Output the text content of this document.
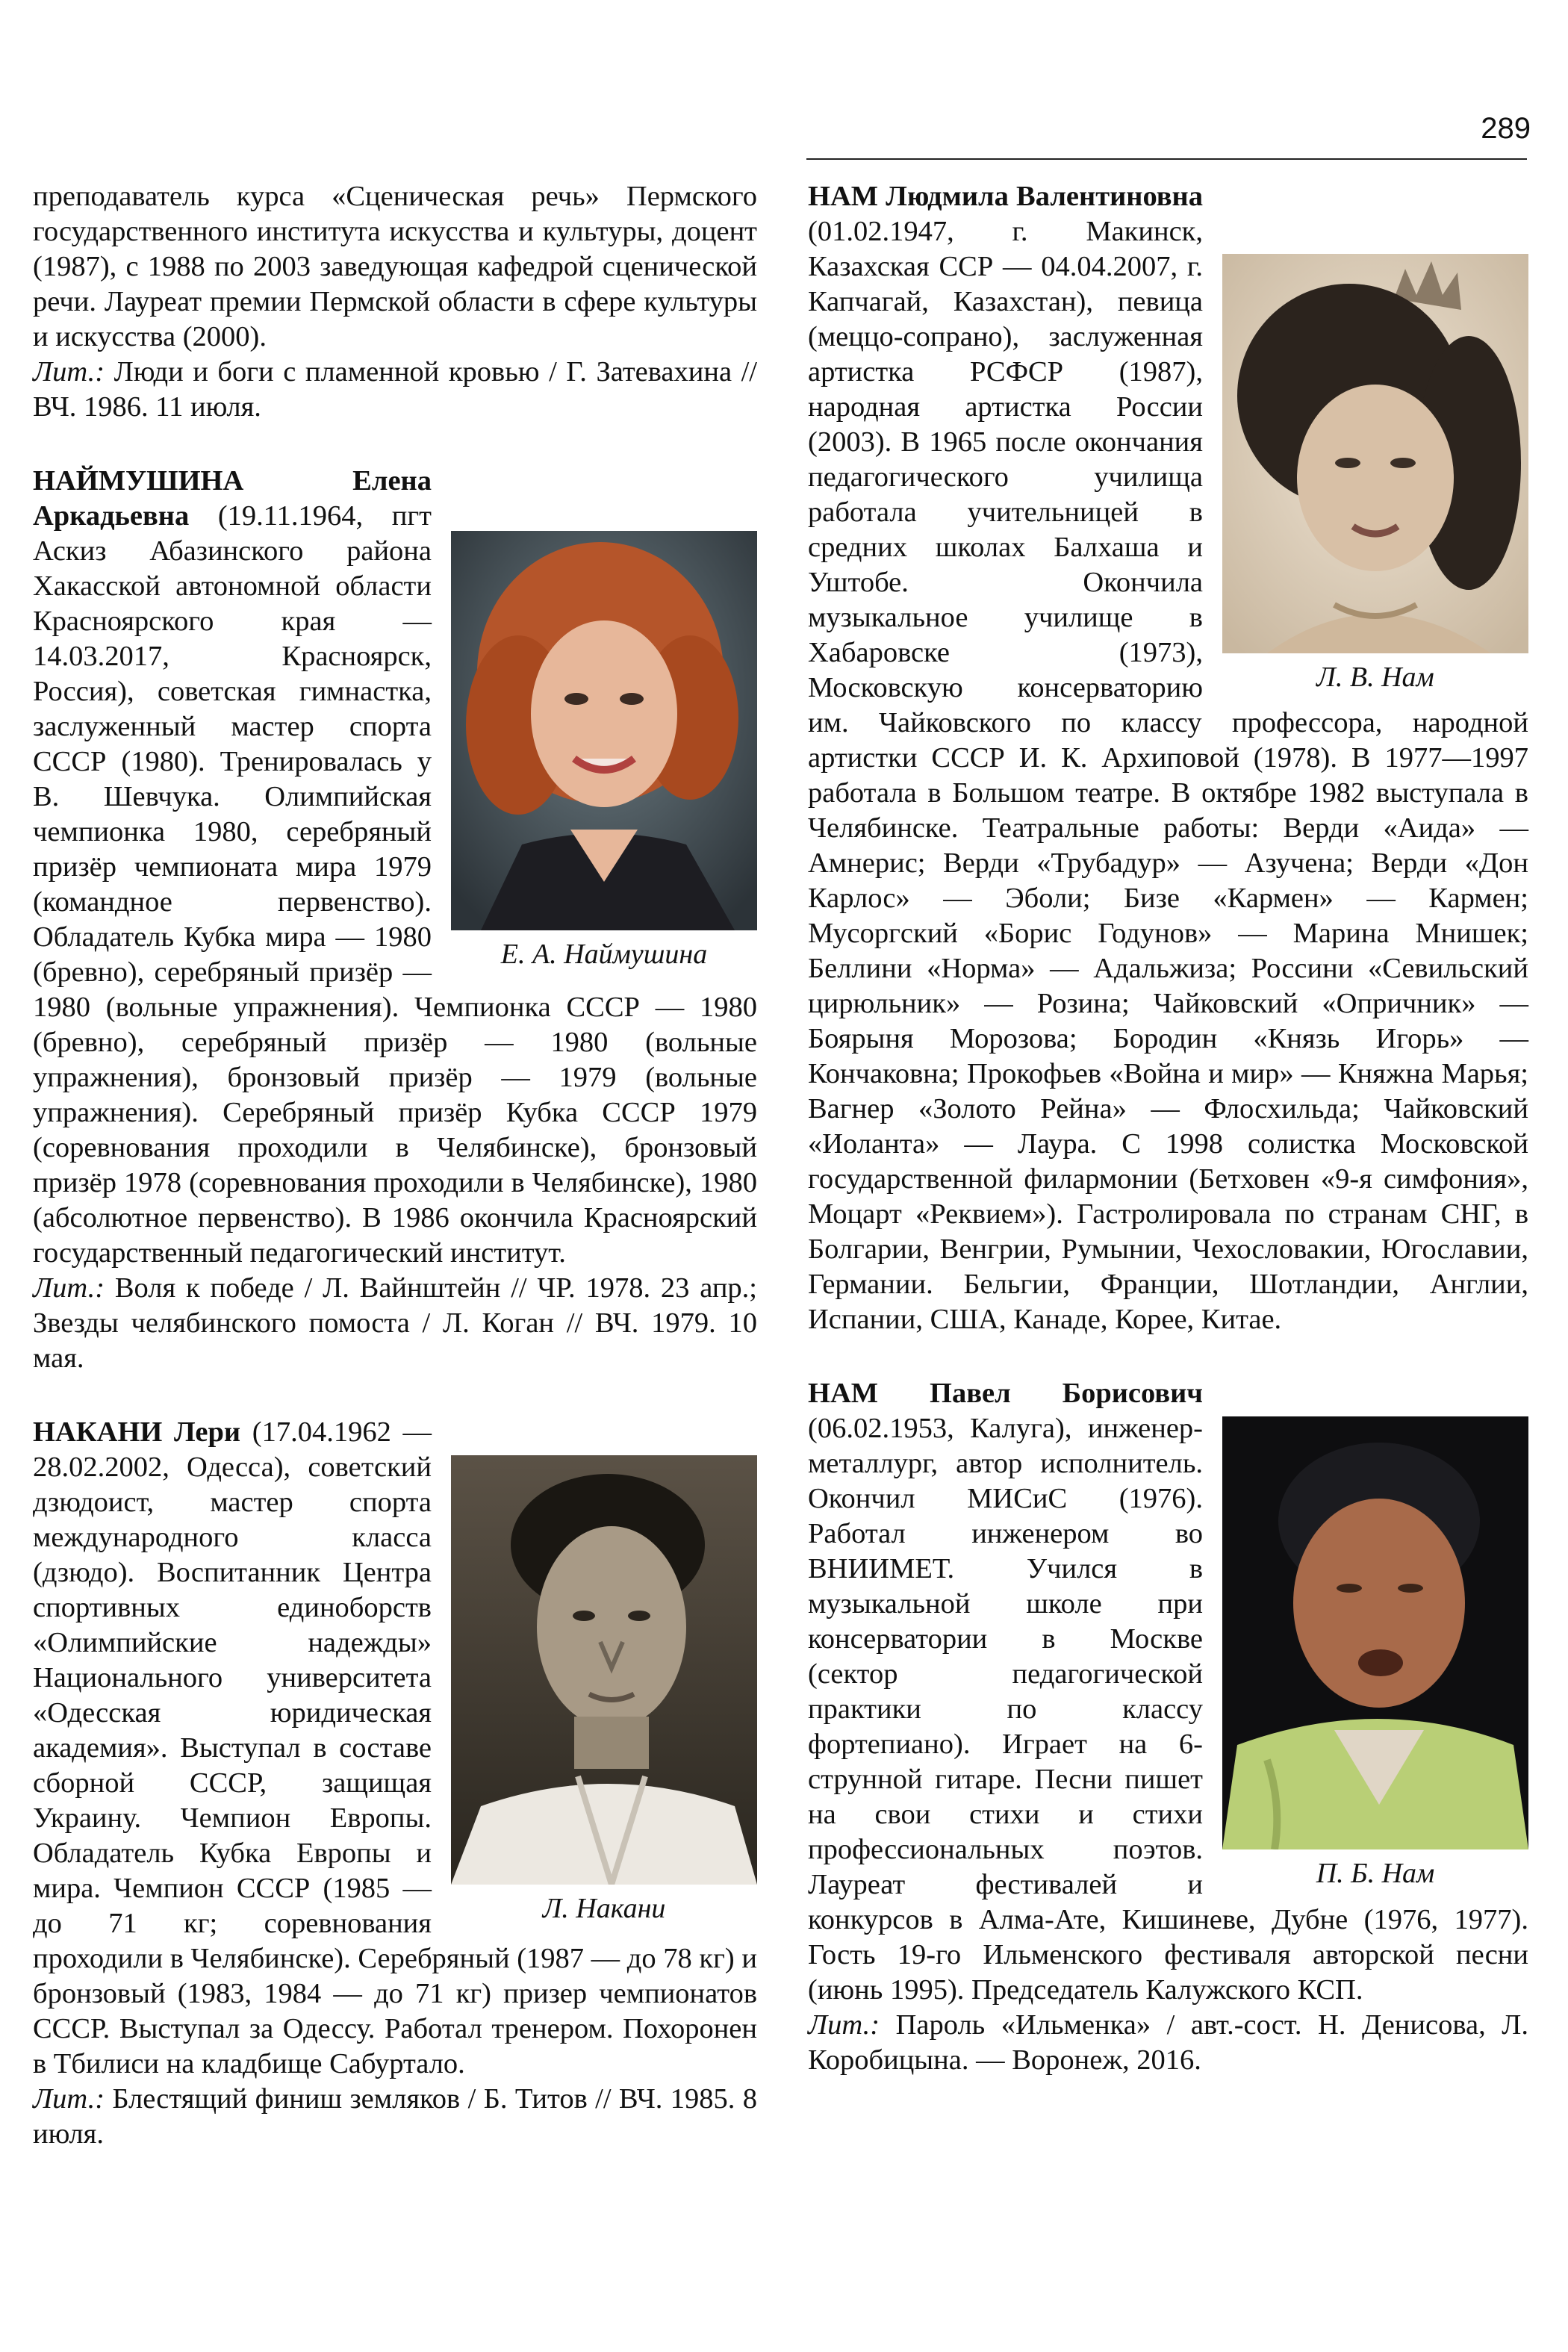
289

преподаватель курса «Сценическая речь» Пермского государственного института искусства и культуры, доцент (1987), с 1988 по 2003 заведующая кафедрой сценической речи. Лауреат премии Пермской области в сфере культуры и искусства (2000).
Лит.: Люди и боги с пламенной кровью / Г. Затевахина // ВЧ. 1986. 11 июля.

Е. А. Наймушина

НАЙМУШИНА Елена Аркадьевна (19.11.1964, пгт Аскиз Абазинского района Хакасской автономной области Красноярского края — 14.03.2017, Красноярск, Россия), советская гимнастка, заслуженный мастер спорта СССР (1980). Тренировалась у В. Шевчука. Олимпийская чемпионка 1980, серебряный призёр чемпионата мира 1979 (командное первенство). Обладатель Кубка мира — 1980 (бревно), серебряный призёр — 1980 (вольные упражнения). Чемпионка СССР — 1980 (бревно), серебряный призёр — 1980 (вольные упражнения), бронзовый призёр — 1979 (вольные упражнения). Серебряный призёр Кубка СССР 1979 (соревнования проходили в Челябинске), бронзовый призёр 1978 (соревнования проходили в Челябинске), 1980 (абсолютное первенство). В 1986 окончила Красноярский государственный педагогический институт.
Лит.: Воля к победе / Л. Вайнштейн // ЧР. 1978. 23 апр.; Звезды челябинского помоста / Л. Коган // ВЧ. 1979. 10 мая.

Л. Накани

НАКАНИ Лери (17.04.1962 — 28.02.2002, Одесса), советский дзюдоист, мастер спорта международного класса (дзюдо). Воспитанник Центра спортивных единоборств «Олимпийские надежды» Национального университета «Одесская юридическая академия». Выступал в составе сборной СССР, защищая Украину. Чемпион Европы. Обладатель Кубка Европы и мира. Чемпион СССР (1985 — до 71 кг; соревнования проходили в Челябинске). Серебряный (1987 — до 78 кг) и бронзовый (1983, 1984 — до 71 кг) призер чемпионатов СССР. Выступал за Одессу. Работал тренером. Похоронен в Тбилиси на кладбище Сабуртало.
Лит.: Блестящий финиш земляков / Б. Титов // ВЧ. 1985. 8 июля.

Л. В. Нам

НАМ Людмила Валентиновна (01.02.1947, г. Макинск, Казахская ССР — 04.04.2007, г. Капчагай, Казахстан), певица (меццо-сопрано), заслуженная артистка РСФСР (1987), народная артистка России (2003). В 1965 после окончания педагогического училища работала учительницей в средних школах Балхаша и Уштобе. Окончила музыкальное училище в Хабаровске (1973), Московскую консерваторию им. Чайковского по классу профессора, народной артистки СССР И. К. Архиповой (1978). В 1977—1997 работала в Большом театре. В октябре 1982 выступала в Челябинске. Театральные работы: Верди «Аида» — Амнерис; Верди «Трубадур» — Азучена; Верди «Дон Карлос» — Эболи; Бизе «Кармен» — Кармен; Мусоргский «Борис Годунов» — Марина Мнишек; Беллини «Норма» — Адальжиза; Россини «Севильский цирюльник» — Розина; Чайковский «Опричник» — Боярыня Морозова; Бородин «Князь Игорь» — Кончаковна; Прокофьев «Война и мир» — Княжна Марья; Вагнер «Золото Рейна» — Флосхильда; Чайковский «Иоланта» — Лаура. С 1998 солистка Московской государственной филармонии (Бетховен «9-я симфония», Моцарт «Реквием»). Гастролировала по странам СНГ, в Болгарии, Венгрии, Румынии, Чехословакии, Югославии, Германии. Бельгии, Франции, Шотландии, Англии, Испании, США, Канаде, Корее, Китае.

П. Б. Нам

НАМ Павел Борисович (06.02.1953, Калуга), инженер-металлург, автор исполнитель. Окончил МИСиС (1976). Работал инженером во ВНИИМЕТ. Учился в музыкальной школе при консерватории в Москве (сектор педагогической практики по классу фортепиано). Играет на 6-струнной гитаре. Песни пишет на свои стихи и стихи профессиональных поэтов. Лауреат фестивалей и конкурсов в Алма-Ате, Кишиневе, Дубне (1976, 1977). Гость 19-го Ильменского фестиваля авторской песни (июнь 1995). Председатель Калужского КСП.
Лит.: Пароль «Ильменка» / авт.-сост. Н. Денисова, Л. Коробицына. — Воронеж, 2016.
